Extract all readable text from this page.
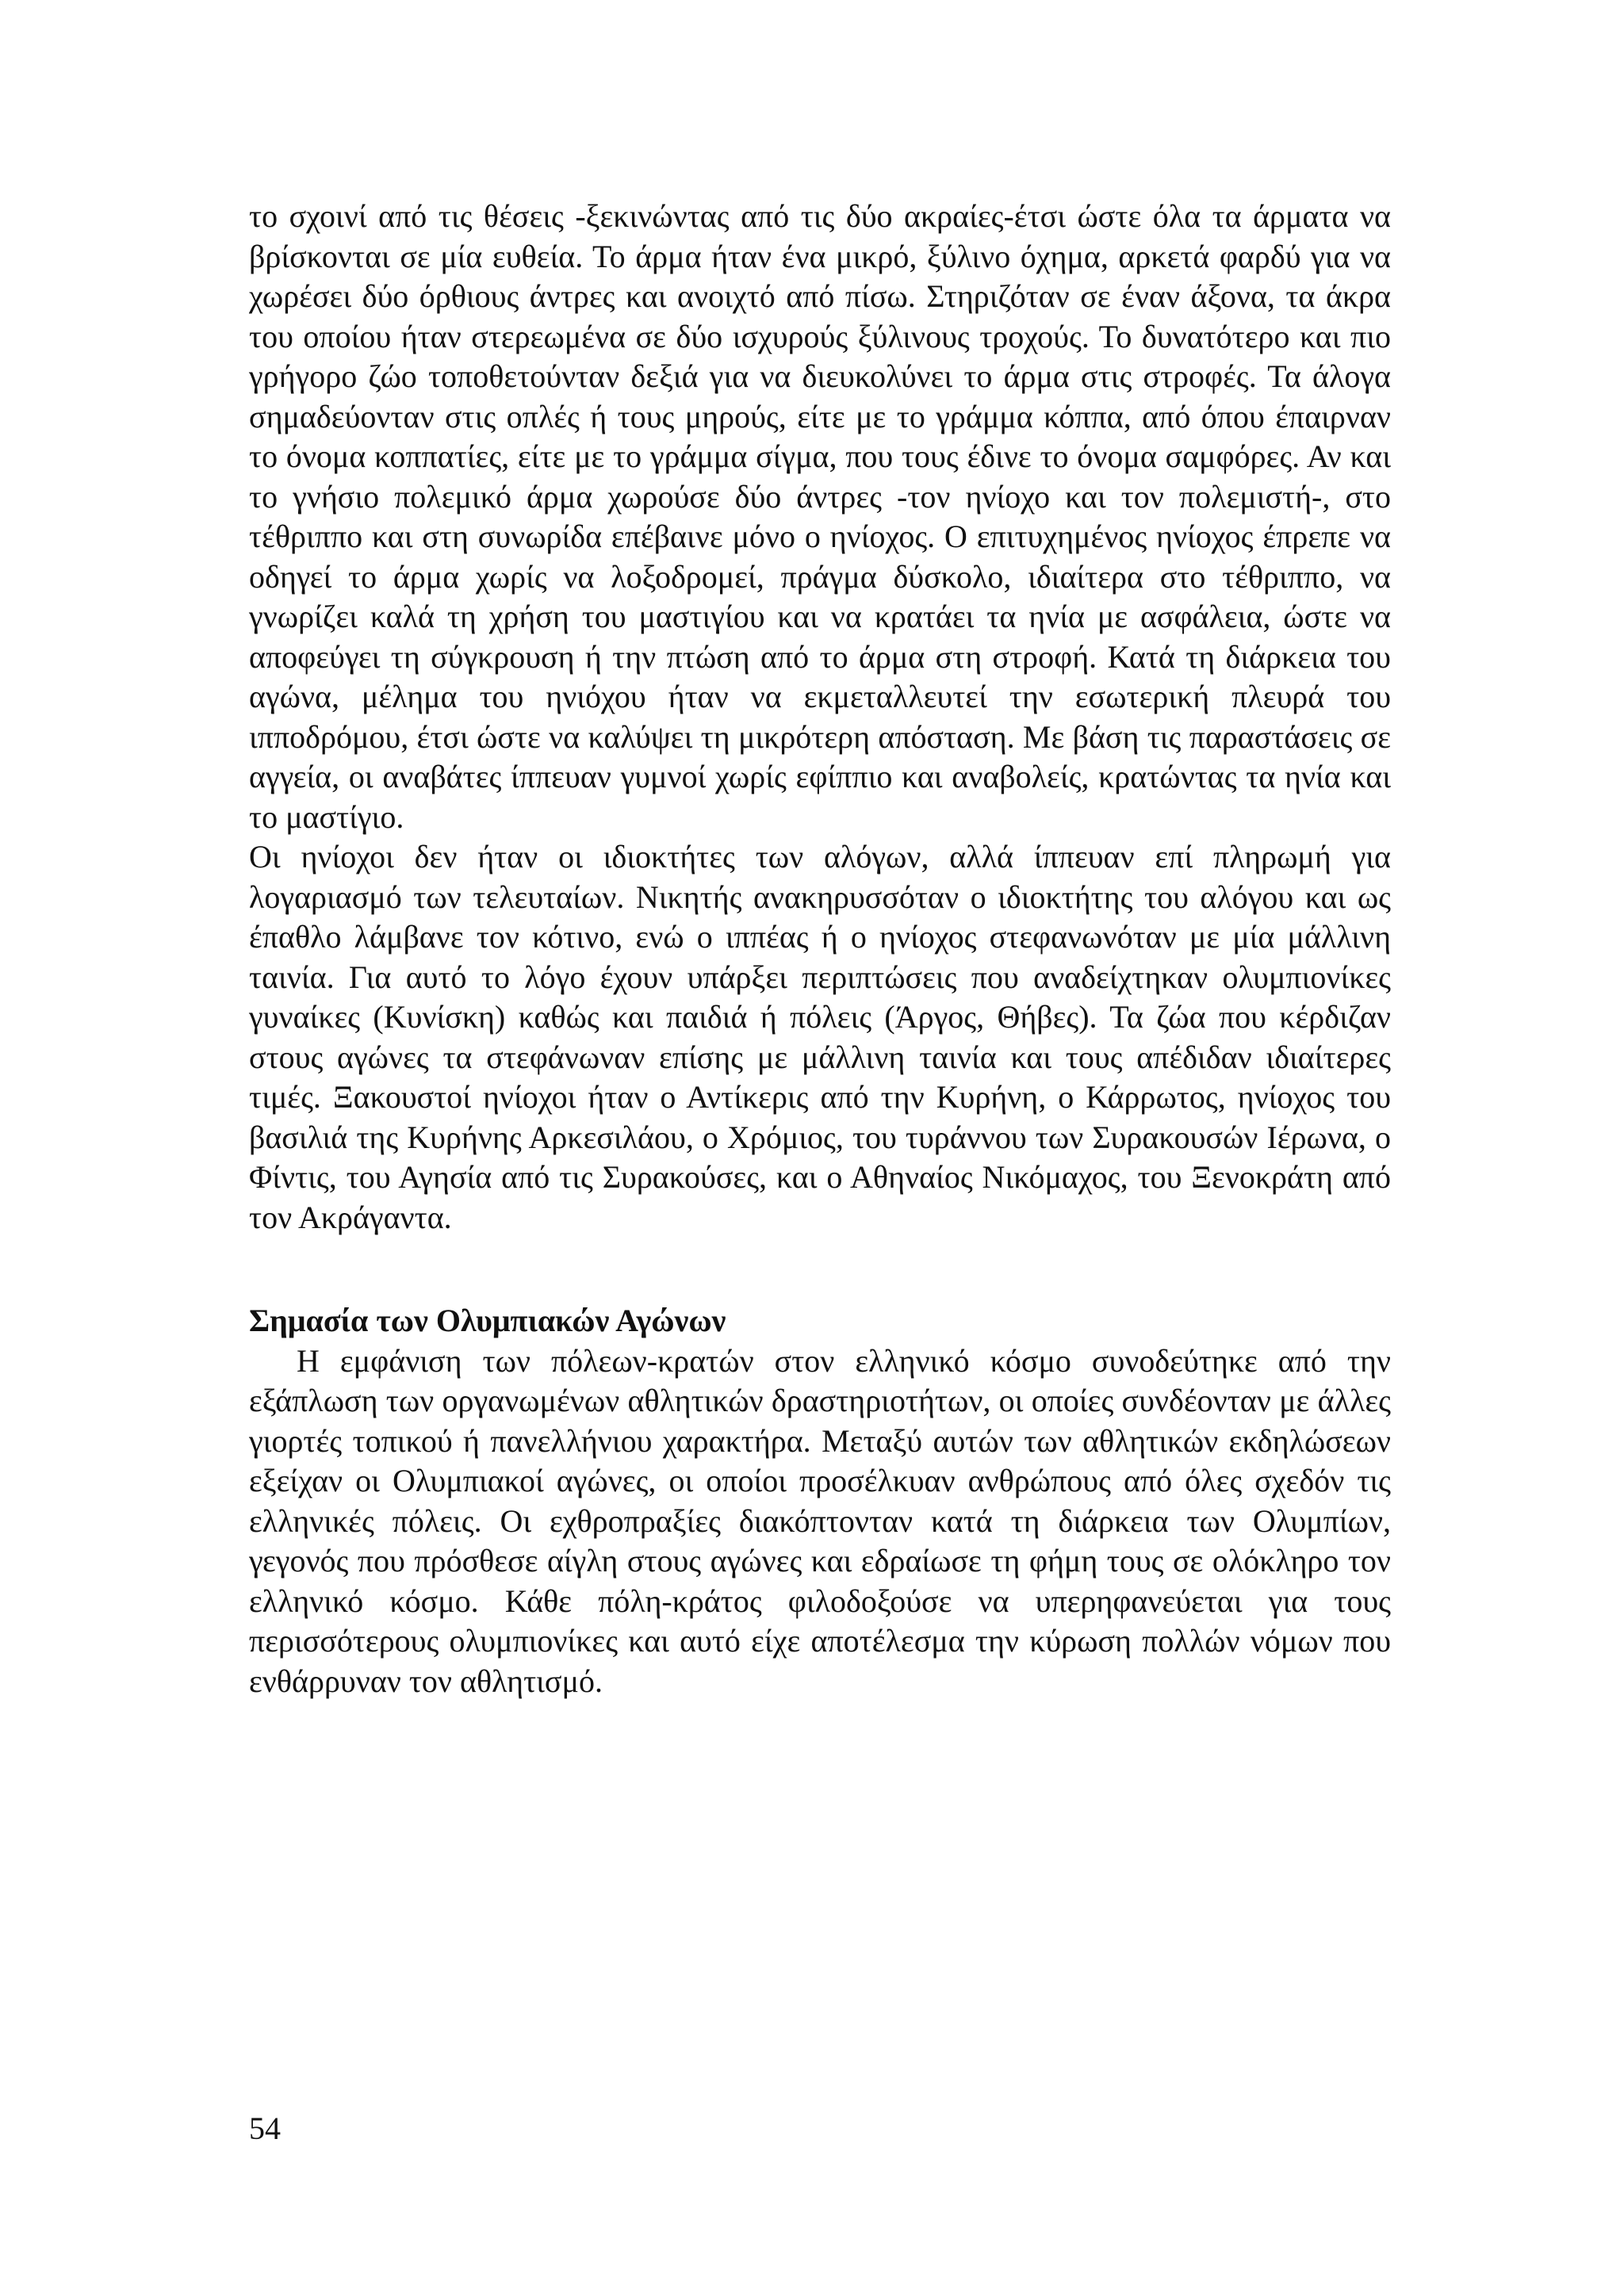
το σχοινί από τις θέσεις -ξεκινώντας από τις δύο ακραίες-έτσι ώστε όλα τα άρματα να βρίσκονται σε μία ευθεία. Το άρμα ήταν ένα μικρό, ξύλινο όχημα, αρκετά φαρδύ για να χωρέσει δύο όρθιους άντρες και ανοιχτό από πίσω. Στηριζόταν σε έναν άξονα, τα άκρα του οποίου ήταν στερεωμένα σε δύο ισχυρούς ξύλινους τροχούς. Το δυνατότερο και πιο γρήγορο ζώο τοποθετούνταν δεξιά για να διευκολύνει το άρμα στις στροφές. Τα άλογα σημαδεύονταν στις οπλές ή τους μηρούς, είτε με το γράμμα κόππα, από όπου έπαιρναν το όνομα κοππατίες, είτε με το γράμμα σίγμα, που τους έδινε το όνομα σαμφόρες. Αν και το γνήσιο πολεμικό άρμα χωρούσε δύο άντρες -τον ηνίοχο και τον πολεμιστή-, στο τέθριππο και στη συνωρίδα επέβαινε μόνο ο ηνίοχος. Ο επιτυχημένος ηνίοχος έπρεπε να οδηγεί το άρμα χωρίς να λοξοδρομεί, πράγμα δύσκολο, ιδιαίτερα στο τέθριππο, να γνωρίζει καλά τη χρήση του μαστιγίου και να κρατάει τα ηνία με ασφάλεια, ώστε να αποφεύγει τη σύγκρουση ή την πτώση από το άρμα στη στροφή. Κατά τη διάρκεια του αγώνα, μέλημα του ηνιόχου ήταν να εκμεταλλευτεί την εσωτερική πλευρά του ιπποδρόμου, έτσι ώστε να καλύψει τη μικρότερη απόσταση. Με βάση τις παραστάσεις σε αγγεία, οι αναβάτες ίππευαν γυμνοί χωρίς εφίππιο και αναβολείς, κρατώντας τα ηνία και το μαστίγιο.

Οι ηνίοχοι δεν ήταν οι ιδιοκτήτες των αλόγων, αλλά ίππευαν επί πληρωμή για λογαριασμό των τελευταίων. Νικητής ανακηρυσσόταν ο ιδιοκτήτης του αλόγου και ως έπαθλο λάμβανε τον κότινο, ενώ ο ιππέας ή ο ηνίοχος στεφανωνόταν με μία μάλλινη ταινία. Για αυτό το λόγο έχουν υπάρξει περιπτώσεις που αναδείχτηκαν ολυμπιονίκες γυναίκες (Κυνίσκη) καθώς και παιδιά ή πόλεις (Άργος, Θήβες). Τα ζώα που κέρδιζαν στους αγώνες τα στεφάνωναν επίσης με μάλλινη ταινία και τους απέδιδαν ιδιαίτερες τιμές. Ξακουστοί ηνίοχοι ήταν ο Αντίκερις από την Κυρήνη, ο Κάρρωτος, ηνίοχος του βασιλιά της Κυρήνης Αρκεσιλάου, ο Χρόμιος, του τυράννου των Συρακουσών Ιέρωνα, ο Φίντις, του Αγησία από τις Συρακούσες, και ο Αθηναίος Νικόμαχος, του Ξενοκράτη από τον Ακράγαντα.

Σημασία των Ολυμπιακών Αγώνων

Η εμφάνιση των πόλεων-κρατών στον ελληνικό κόσμο συνοδεύτηκε από την εξάπλωση των οργανωμένων αθλητικών δραστηριοτήτων, οι οποίες συνδέονταν με άλλες γιορτές τοπικού ή πανελλήνιου χαρακτήρα. Μεταξύ αυτών των αθλητικών εκδηλώσεων εξείχαν οι Ολυμπιακοί αγώνες, οι οποίοι προσέλκυαν ανθρώπους από όλες σχεδόν τις ελληνικές πόλεις. Οι εχθροπραξίες διακόπτονταν κατά τη διάρκεια των Ολυμπίων, γεγονός που πρόσθεσε αίγλη στους αγώνες και εδραίωσε τη φήμη τους σε ολόκληρο τον ελληνικό κόσμο. Κάθε πόλη-κράτος φιλοδοξούσε να υπερηφανεύεται για τους περισσότερους ολυμπιονίκες και αυτό είχε αποτέλεσμα την κύρωση πολλών νόμων που ενθάρρυναν τον αθλητισμό.

54
